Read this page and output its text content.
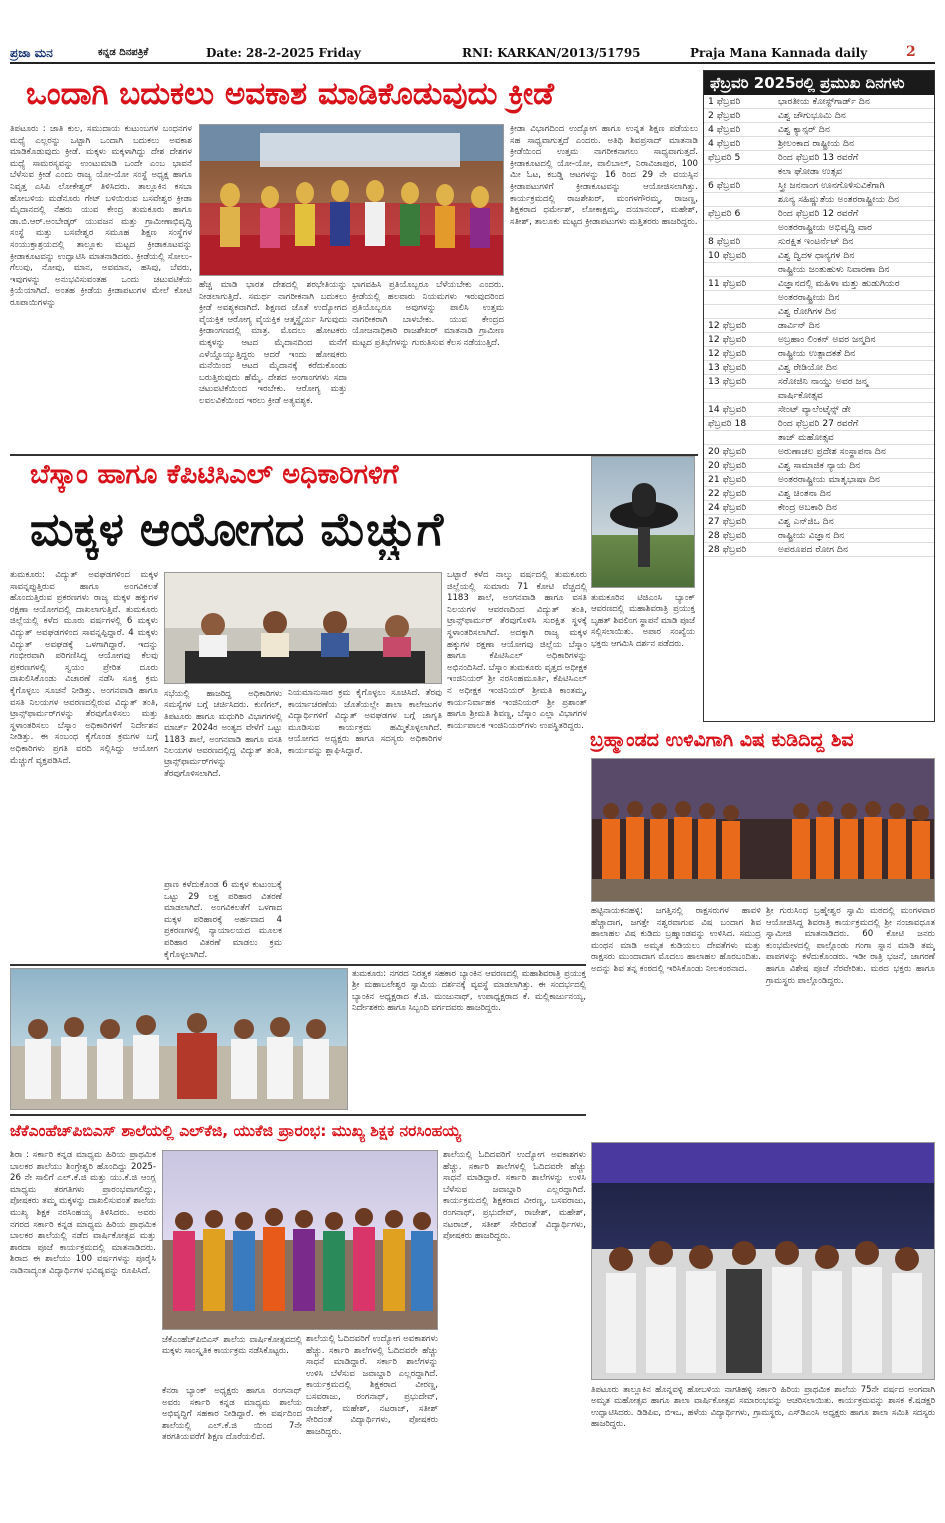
ಪ್ರಜಾ ಮನ	ಕನ್ನಡ ದಿನಪತ್ರಿಕೆ	Date: 28-2-2025 Friday	RNI: KARKAN/2013/51795	Praja Mana Kannada daily	2
ಒಂದಾಗಿ ಬದುಕಲು ಅವಕಾಶ ಮಾಡಿಕೊಡುವುದು ಕ್ರೀಡೆ
ತಿಪಟೂರು : ಜಾತಿ ಕುಲ, ಸಮುದಾಯ ಕುಟುಂಬಗಳ ಬಂಧನಗಳ ಮಧ್ಯೆ ಎಲ್ಲರನ್ನು ಒಟ್ಟಾಗಿ ಒಂದಾಗಿ ಬದುಕಲು ಅವಕಾಶ ಮಾಡಿಕೊಡುವುದು ಕ್ರೀಡೆ. ಮಕ್ಕಳು ಮಕ್ಕಳಾಗಿದ್ದು ದೇಶ ದೇಶಗಳ ಮಧ್ಯೆ ಸಾಮರಸ್ಯವನ್ನು ಉಂಟುಮಾಡಿ ಒಂದೇ ಎಂಬ ಭಾವನೆ ಬೆಳೆಸುವ ಕ್ರೀಡೆ ಎಂದು ರಾಜ್ಯ ಯೋ-ಯೋ ಸಂಸ್ಥೆ ಅಧ್ಯಕ್ಷ ಹಾಗೂ ನಿವೃತ್ತ ಎಸಿಪಿ ಲೋಕೇಶ್ವರ್ ತಿಳಿಸಿದರು. ತಾಲ್ಲೂಕಿನ ಕಸಬಾ ಹೋಬಳಿಯ ಮಡೆನೂರು ಗೇಟ್ ಬಳಿಯಿರುವ ಬಸವೇಶ್ವರ ಕ್ರೀಡಾ ಮೈದಾನದಲ್ಲಿ ನೆಹರು ಯುವ ಕೇಂದ್ರ ತುಮಕೂರು ಹಾಗೂ ಡಾ.ಬಿ.ಆರ್.ಅಂಬೇಡ್ಕರ್ ಯುವಜನ ಮತ್ತು ಗ್ರಾಮೀಣಾಭಿವೃದ್ಧಿ ಸಂಸ್ಥೆ ಮತ್ತು ಬಸವೇಶ್ವರ ಸಮೂಹ ಶಿಕ್ಷಣ ಸಂಸ್ಥೆಗಳ ಸಂಯುಕ್ತಾಶ್ರಯದಲ್ಲಿ ತಾಲ್ಲೂಕು ಮಟ್ಟದ ಕ್ರೀಡಾಕೂಟವನ್ನು ಕ್ರೀಡಾಕೂಟವನ್ನು ಉದ್ಘಾಟಿಸಿ ಮಾತನಾಡಿದರು. ಕ್ರೀಡೆಯಲ್ಲಿ ಸೋಲು-ಗೆಲುವು, ನೋವು, ಮಾನ, ಅವಮಾನ, ಹಸಿವು, ಬೆವರು, ಇವುಗಳನ್ನು ಅನುಭವಿಸುವಂತಹ ಒಂದು ಚಟುವಟಿಕೆಯ ಕ್ರಿಯೆಯಾಗಿದೆ. ಅಂತಹ ಕ್ರೀಡೆಯ ಕ್ರೀಡಾಪಟುಗಳ ಮೇಲೆ ಕೋಟಿ ರೂಪಾಯಿಗಳನ್ನು
ಹೆಚ್ಚ ಮಾಡಿ ಭಾರತ ದೇಶದಲ್ಲಿ ಶರಭೇತಿಯನ್ನು ನೀಡಲಾಗುತ್ತಿದೆ. ಸಮರ್ಥ ನಾಗರೀಕನಾಗಿ ಬದುಕಲು ಕ್ರೀಡೆ ಅವಶ್ಯಕವಾಗಿದೆ. ಶಿಕ್ಷಣದ ಜೊತೆ ಉದ್ಯೋಗದ ವೈಯಕ್ತಿಕ ಆರೋಗ್ಯ ವೈಯಕ್ತಿಕ ಆತ್ಮಸ್ಥೈರ್ಯ ಸಿಗುವುದು ಕ್ರೀಡಾಂಗಣದಲ್ಲಿ ಮಾತ್ರ. ಮೊದಲು ಹೋಟಕರು ಮಕ್ಕಳನ್ನು ಆಟದ ಮೈದಾನದಿಂದ ಮನೆಗೆ ಎಳೆಯ್ದೊಯ್ಯುತ್ತಿದ್ದರು ಆದರೆ ಇಂದು ಹೋಷಕರು ಮನೆಯಿಂದ ಆಟದ ಮೈದಾನಕ್ಕೆ ಕರೆದುಕೊಂಡು ಬರುತ್ತಿರುವುದು ಹೆಮ್ಮೆ. ದೇಶದ ಅಂಗಾಂಗಗಳು ಸದಾ ಚಟುವಟಿಕೆಯಿಂದ ಇರಬೇಕು. ಆರೋಗ್ಯ ಮತ್ತು ಲವಲವಿಕೆಯಿಂದ ಇರಲು ಕ್ರೀಡೆ ಅತ್ಯವಶ್ಯಕ.
ಭಾಗವಹಿಸಿ ಪ್ರತಿಯೊಬ್ಬರೂ ಬೆಳೆಯಬೇಕು ಎಂದರು. ಕ್ರೀಡೆಯಲ್ಲಿ ಹಲವಾರು ನಿಯಮಗಳು ಇರುವುದರಿಂದ ಪ್ರತಿಯೊಬ್ಬರೂ ಅವುಗಳನ್ನು ಪಾಲಿಸಿ ಉತ್ತಮ ನಾಗರೀಕರಾಗಿ ಬಾಳಬೇಕು. ಯುವ ಕೇಂದ್ರದ ಯೋಜನಾಧಿಕಾರಿ ರಾಜಶೇಖರ್ ಮಾತನಾಡಿ ಗ್ರಾಮೀಣ ಮಟ್ಟದ ಪ್ರತಿಭೆಗಳನ್ನು ಗುರುತಿಸುವ ಕೆಲಸ ನಡೆಯುತ್ತಿದೆ.
ಕ್ರೀಡಾ ವಿಭಾಗದಿಂದ ಉದ್ಯೋಗ ಹಾಗೂ ಉನ್ನತ ಶಿಕ್ಷಣ ಪಡೆಯಲು ಸಹ ಸಾಧ್ಯವಾಗುತ್ತದೆ ಎಂದರು. ಅತಿಥಿ ಶಿವಪ್ರಸಾದ್ ಮಾತನಾಡಿ ಕ್ರೀಡೆಯಿಂದ ಉತ್ತಮ ನಾಗರೀಕನಾಗಲು ಸಾಧ್ಯವಾಗುತ್ತದೆ. ಕ್ರೀಡಾಕೂಟದಲ್ಲಿ ಯೋ-ಯೋ, ವಾಲಿಬಾಲ್, ನಿರಾವಿಜಾಪುರ, 100 ಮೀ ಓಟ, ಕಬಡ್ಡಿ ಆಟಗಳನ್ನು 16 ರಿಂದ 29 ನೇ ವಯಸ್ಸಿನ ಕ್ರೀಡಾಪಟುಗಳಿಗೆ ಕ್ರೀಡಾಕೂಟವನ್ನು ಆಯೋಜಿಸಲಾಗಿತ್ತು. ಕಾರ್ಯಕ್ರಮದಲ್ಲಿ ರಾಜಶೇಖರ್, ಮಂಗಳಗೌರಮ್ಮ, ರಾಜಣ್ಣ, ಶಿಕ್ಷಕರಾದ ಧರ್ಮೇಶ್, ಲೋಕಾಕ್ಷಮ್ಮ, ದಯಾನಂದ್, ಮಹೇಶ್, ಸತೀಶ್, ತಾಲೂಕು ಮಟ್ಟದ ಕ್ರೀಡಾಪಟುಗಳು ಮತ್ತಿತರರು ಹಾಜರಿದ್ದರು.
ಫೆಬ್ರವರಿ 2025ರಲ್ಲಿ ಪ್ರಮುಖ ದಿನಗಳು
1 ಫೆಬ್ರವರಿ	ಭಾರತೀಯ ಕೋಸ್ಟ್‌ಗಾರ್ಡ್ ದಿನ
2 ಫೆಬ್ರವರಿ	ವಿಶ್ವ ಜೌಗುಭೂಮಿ ದಿನ
4 ಫೆಬ್ರವರಿ	ವಿಶ್ವ ಕ್ಯಾನ್ಸರ್ ದಿನ
4 ಫೆಬ್ರವರಿ	ಶ್ರೀಲಂಕಾದ ರಾಷ್ಟ್ರೀಯ ದಿನ
ಫೆಬ್ರವರಿ 5	ರಿಂದ ಫೆಬ್ರವರಿ 13 ರವರೆಗೆ
ಕಲಾ ಘೋಡಾ ಉತ್ಸವ
6 ಫೆಬ್ರವರಿ	ಸ್ತ್ರೀ ಜನನಾಂಗ ಊನಗೊಳಿಸುವಿಕೆಗಾಗಿ
ಶೂನ್ಯ ಸಹಿಷ್ಣುತೆಯ ಅಂತರರಾಷ್ಟ್ರೀಯ ದಿನ
ಫೆಬ್ರವರಿ 6	ರಿಂದ ಫೆಬ್ರವರಿ 12 ರವರೆಗೆ
ಅಂತರರಾಷ್ಟ್ರೀಯ ಅಭಿವೃದ್ಧಿ ವಾರ
8 ಫೆಬ್ರವರಿ	ಸುರಕ್ಷಿತ ಇಂಟರ್ನೆಟ್ ದಿನ
10 ಫೆಬ್ರವರಿ	ವಿಶ್ವ ದ್ವಿದಳ ಧಾನ್ಯಗಳ ದಿನ
ರಾಷ್ಟ್ರೀಯ ಜಂತುಹುಳು ನಿವಾರಣಾ ದಿನ
11 ಫೆಬ್ರವರಿ	ವಿಜ್ಞಾನದಲ್ಲಿ ಮಹಿಳಾ ಮತ್ತು ಹುಡುಗಿಯರ
ಅಂತರರಾಷ್ಟ್ರೀಯ ದಿನ
ವಿಶ್ವ ರೋಗಿಗಳ ದಿನ
12 ಫೆಬ್ರವರಿ	ಡಾರ್ವಿನ್ ದಿನ
12 ಫೆಬ್ರವರಿ	ಅಬ್ರಹಾಂ ಲಿಂಕನ್ ಅವರ ಜನ್ಮದಿನ
12 ಫೆಬ್ರವರಿ	ರಾಷ್ಟ್ರೀಯ ಉತ್ಪಾದಕತೆ ದಿನ
13 ಫೆಬ್ರವರಿ	ವಿಶ್ವ ರೇಡಿಯೋ ದಿನ
13 ಫೆಬ್ರವರಿ	ಸರೋಜಿನಿ ನಾಯ್ಡು ಅವರ ಜನ್ಮ
ವಾರ್ಷಿಕೋತ್ಸವ
14 ಫೆಬ್ರವರಿ	ಸೇಂಟ್ ವ್ಯಾಲೆಂಟೈನ್ಸ್ ಡೇ
ಫೆಬ್ರವರಿ 18	ರಿಂದ ಫೆಬ್ರವರಿ 27 ರವರೆಗೆ
ತಾಜ್ ಮಹೋತ್ಸವ
20 ಫೆಬ್ರವರಿ	ಅರುಣಾಚಲ ಪ್ರದೇಶ ಸಂಸ್ಥಾಪನಾ ದಿನ
20 ಫೆಬ್ರವರಿ	ವಿಶ್ವ ಸಾಮಾಜಿಕ ನ್ಯಾಯ ದಿನ
21 ಫೆಬ್ರವರಿ	ಅಂತರರಾಷ್ಟ್ರೀಯ ಮಾತೃಭಾಷಾ ದಿನ
22 ಫೆಬ್ರವರಿ	ವಿಶ್ವ ಚಿಂತನಾ ದಿನ
24 ಫೆಬ್ರವರಿ	ಕೇಂದ್ರ ಅಬಕಾರಿ ದಿನ
27 ಫೆಬ್ರವರಿ	ವಿಶ್ವ ಎನ್‌ಜಿಒ ದಿನ
28 ಫೆಬ್ರವರಿ	ರಾಷ್ಟ್ರೀಯ ವಿಜ್ಞಾನ ದಿನ
28 ಫೆಬ್ರವರಿ	ಅಪರೂಪದ ರೋಗ ದಿನ
ಬೆಸ್ಕಾಂ ಹಾಗೂ ಕೆಪಿಟಿಸಿಎಲ್ ಅಧಿಕಾರಿಗಳಿಗೆ
ಮಕ್ಕಳ ಆಯೋಗದ ಮೆಚ್ಚುಗೆ
ತುಮಕೂರು: ವಿದ್ಯುತ್ ಅವಘಡಗಳಿಂದ ಮಕ್ಕಳ ಸಾವನ್ನಪ್ಪುತ್ತಿರುವ ಹಾಗೂ ಅಂಗವಿಕಲತೆ ಹೊಂದುತ್ತಿರುವ ಪ್ರಕರಣಗಳು ರಾಜ್ಯ ಮಕ್ಕಳ ಹಕ್ಕುಗಳ ರಕ್ಷಣಾ ಆಯೋಗದಲ್ಲಿ ದಾಖಲಾಗುತ್ತಿವೆ. ತುಮಕೂರು ಜಿಲ್ಲೆಯಲ್ಲಿ ಕಳೆದ ಮೂರು ವರ್ಷಗಳಲ್ಲಿ 6 ಮಕ್ಕಳು ವಿದ್ಯುತ್ ಅವಘಡಗಳಿಂದ ಸಾವನ್ನಪ್ಪಿದ್ದಾರೆ. 4 ಮಕ್ಕಳು ವಿದ್ಯುತ್ ಅವಘಡಕ್ಕೆ ಒಳಗಾಗಿದ್ದಾರೆ. ಇದನ್ನು ಗಂಭೀರವಾಗಿ ಪರಿಗಣಿಸಿದ್ದ ಆಯೋಗವು ಕೆಲವು ಪ್ರಕರಣಗಳಲ್ಲಿ ಸ್ವಯಂ ಪ್ರೇರಿತ ದೂರು ದಾಖಲಿಸಿಕೊಂಡು ವಿಚಾರಣೆ ನಡೆಸಿ ಸೂಕ್ತ ಕ್ರಮ ಕೈಗೊಳ್ಳಲು ಸೂಚನೆ ನೀಡಿತ್ತು. ಅಂಗನವಾಡಿ ಹಾಗೂ ವಸತಿ ನಿಲಯಗಳ ಆವರಣದಲ್ಲಿರುವ ವಿದ್ಯುತ್ ತಂತಿ, ಟ್ರಾನ್ಸ್‌ಫಾರ್ಮರ್‌ಗಳನ್ನು ತೆರವುಗೊಳಿಸಲು ಮತ್ತು ಸ್ಥಳಾಂತರಿಸಲು ಬೆಸ್ಕಾಂ ಅಧಿಕಾರಿಗಳಿಗೆ ನಿರ್ದೇಶನ ನೀಡಿತ್ತು. ಈ ಸಂಬಂಧ ಕೈಗೊಂಡ ಕ್ರಮಗಳ ಬಗ್ಗೆ ಅಧಿಕಾರಿಗಳು ಪ್ರಗತಿ ವರದಿ ಸಲ್ಲಿಸಿದ್ದು ಆಯೋಗ ಮೆಚ್ಚುಗೆ ವ್ಯಕ್ತಪಡಿಸಿದೆ.
ಸಭೆಯಲ್ಲಿ ಹಾಜರಿದ್ದ ಅಧಿಕಾರಿಗಳು ಸಮಸ್ಯೆಗಳ ಬಗ್ಗೆ ಚರ್ಚಿಸಿದರು. ಕುಣಿಗಲ್, ತಿಪಟೂರು ಹಾಗೂ ಮಧುಗಿರಿ ವಿಭಾಗಗಳಲ್ಲಿ ಮಾರ್ಚ್ 2024ರ ಅಂತ್ಯದ ವೇಳೆಗೆ ಒಟ್ಟು 1183 ಶಾಲೆ, ಅಂಗನವಾಡಿ ಹಾಗೂ ವಸತಿ ನಿಲಯಗಳ ಆವರಣದಲ್ಲಿದ್ದ ವಿದ್ಯುತ್ ತಂತಿ, ಟ್ರಾನ್ಸ್‌ಫಾರ್ಮರ್‌ಗಳನ್ನು ತೆರವುಗೊಳಿಸಲಾಗಿದೆ.
ಪ್ರಾಣ ಕಳೆದುಕೊಂಡ 6 ಮಕ್ಕಳ ಕುಟುಂಬಕ್ಕೆ ಒಟ್ಟು 29 ಲಕ್ಷ ಪರಿಹಾರ ವಿತರಣೆ ಮಾಡಲಾಗಿದೆ. ಅಂಗವಿಕಲತೆಗೆ ಒಳಗಾದ ಮಕ್ಕಳ ಪರಿಹಾರಕ್ಕೆ ಅರ್ಹವಾದ 4 ಪ್ರಕರಣಗಳಲ್ಲಿ ನ್ಯಾಯಾಲಯದ ಮೂಲಕ ಪರಿಹಾರ ವಿತರಣೆ ಮಾಡಲು ಕ್ರಮ ಕೈಗೊಳ್ಳಲಾಗಿದೆ.
ನಿಯಮಾನುಸಾರ ಕ್ರಮ ಕೈಗೊಳ್ಳಲು ಸೂಚಿಸಿದೆ. ತೆರವು ಕಾರ್ಯಾಚರಣೆಯ ಜೊತೆಯಲ್ಲೇ ಶಾಲಾ ಕಾಲೇಜುಗಳ ವಿದ್ಯಾರ್ಥಿಗಳಿಗೆ ವಿದ್ಯುತ್ ಅವಘಡಗಳ ಬಗ್ಗೆ ಜಾಗೃತಿ ಮೂಡಿಸುವ ಕಾರ್ಯಕ್ರಮ ಹಮ್ಮಿಕೊಳ್ಳಲಾಗಿದೆ. ಆಯೋಗದ ಅಧ್ಯಕ್ಷರು ಹಾಗೂ ಸದಸ್ಯರು ಅಧಿಕಾರಿಗಳ ಕಾರ್ಯವನ್ನು ಶ್ಲಾಘಿಸಿದ್ದಾರೆ.
ಒಟ್ಟಾರೆ ಕಳೆದ ನಾಲ್ಕು ವರ್ಷದಲ್ಲಿ ತುಮಕೂರು ಜಿಲ್ಲೆಯಲ್ಲಿ ಸುಮಾರು 71 ಕೋಟಿ ವೆಚ್ಚದಲ್ಲಿ 1183 ಶಾಲೆ, ಅಂಗನವಾಡಿ ಹಾಗೂ ವಸತಿ ನಿಲಯಗಳ ಆವರಣದಿಂದ ವಿದ್ಯುತ್ ತಂತಿ, ಟ್ರಾನ್ಸ್‌ಫಾರ್ಮರ್ ತೆರವುಗೊಳಿಸಿ ಸುರಕ್ಷಿತ ಸ್ಥಳಕ್ಕೆ ಸ್ಥಳಾಂತರಿಸಲಾಗಿದೆ. ಅದಕ್ಕಾಗಿ ರಾಜ್ಯ ಮಕ್ಕಳ ಹಕ್ಕುಗಳ ರಕ್ಷಣಾ ಆಯೋಗವು ಜಿಲ್ಲೆಯ ಬೆಸ್ಕಾಂ ಹಾಗೂ ಕೆಪಿಟಿಸಿಎಲ್ ಅಧಿಕಾರಿಗಳನ್ನು ಅಭಿನಂದಿಸಿದೆ. ಬೆಸ್ಕಾಂ ತುಮಕೂರು ವೃತ್ತದ ಅಧೀಕ್ಷಕ ಇಂಜಿನಿಯರ್ ಶ್ರೀ ನರಸಿಂಹಮೂರ್ತಿ, ಕೆಪಿಟಿಸಿಎಲ್ ನ ಅಧೀಕ್ಷಕ ಇಂಜಿನಿಯರ್ ಶ್ರೀಮತಿ ಕಾಂತಮ್ಮ, ಕಾರ್ಯನಿರ್ವಾಹಕ ಇಂಜಿನಿಯರ್ ಶ್ರೀ ಪ್ರಶಾಂತ್ ಹಾಗೂ ಶ್ರೀಮತಿ ಶಿವಣ್ಣ, ಬೆಸ್ಕಾಂ ಎಲ್ಲಾ ವಿಭಾಗಗಳ ಕಾರ್ಯಪಾಲಕ ಇಂಜಿನಿಯರ್‌ಗಳು ಉಪಸ್ಥಿತರಿದ್ದರು.
ತುಮಕೂರಿನ ಟಿಜಿಎಂಸಿ ಬ್ಯಾಂಕ್ ಆವರಣದಲ್ಲಿ ಮಹಾಶಿವರಾತ್ರಿ ಪ್ರಯುಕ್ತ ಬೃಹತ್ ಶಿವಲಿಂಗ ಸ್ಥಾಪನೆ ಮಾಡಿ ಪೂಜೆ ಸಲ್ಲಿಸಲಾಯಿತು. ಅಪಾರ ಸಂಖ್ಯೆಯ ಭಕ್ತರು ಆಗಮಿಸಿ ದರ್ಶನ ಪಡೆದರು.
ಬ್ರಹ್ಮಾಂಡದ ಉಳಿವಿಗಾಗಿ ವಿಷ ಕುಡಿದಿದ್ದ ಶಿವ
ಹಟ್ಟಿನಾಯಕನಹಳ್ಳಿ: ಜಗತ್ತಿನಲ್ಲಿ ರಾಕ್ಷಸರುಗಳ ಹಾವಳಿ ಹೆಚ್ಚಾದಾಗ, ಜಗತ್ತೇ ನಶ್ವರವಾಗುವ ವಿಷ ಬಂದಾಗ ಶಿವ ಹಾಲಾಹಲ ವಿಷ ಕುಡಿದು ಬ್ರಹ್ಮಾಂಡವನ್ನು ಉಳಿಸಿದ. ಸಮುದ್ರ ಮಂಥನ ಮಾಡಿ ಅಮೃತ ಕುಡಿಯಲು ದೇವತೆಗಳು ಮತ್ತು ರಾಕ್ಷಸರು ಮುಂದಾದಾಗ ಮೊದಲು ಹಾಲಾಹಲ ಹೊರಬಂದಿತು. ಅದನ್ನು ಶಿವ ತನ್ನ ಕಂಠದಲ್ಲಿ ಇರಿಸಿಕೊಂಡು ನೀಲಕಂಠನಾದ.
ಶ್ರೀ ಗುರುಸಿಂಧ ಬ್ರಹ್ಮೇಶ್ವರ ಸ್ವಾಮಿ ಮಠದಲ್ಲಿ ಮಂಗಳವಾರ ಆಯೋಜಿಸಿದ್ದ ಶಿವರಾತ್ರಿ ಕಾರ್ಯಕ್ರಮದಲ್ಲಿ ಶ್ರೀ ನಂಜಾವಧೂತ ಸ್ವಾಮೀಜಿ ಮಾತನಾಡಿದರು. 60 ಕೋಟಿ ಜನರು ಕುಂಭಮೇಳದಲ್ಲಿ ಪಾಲ್ಗೊಂಡು ಗಂಗಾ ಸ್ನಾನ ಮಾಡಿ ತಮ್ಮ ಪಾಪಗಳನ್ನು ಕಳೆದುಕೊಂಡರು. ಇಡೀ ರಾತ್ರಿ ಭಜನೆ, ಜಾಗರಣೆ ಹಾಗೂ ವಿಶೇಷ ಪೂಜೆ ನೆರವೇರಿತು. ಮಠದ ಭಕ್ತರು ಹಾಗೂ ಗ್ರಾಮಸ್ಥರು ಪಾಲ್ಗೊಂಡಿದ್ದರು.
ತುಮಕೂರು: ನಗರದ ನಿರತ್ವಕ ಸಹಕಾರ ಬ್ಯಾಂಕಿನ ಆವರಣದಲ್ಲಿ ಮಹಾಶಿವರಾತ್ರಿ ಪ್ರಯುಕ್ತ ಶ್ರೀ ಮಹಾಬಲೇಶ್ವರ ಸ್ವಾಮಿಯ ದರ್ಶನಕ್ಕೆ ವ್ಯವಸ್ಥೆ ಮಾಡಲಾಗಿತ್ತು. ಈ ಸಂದರ್ಭದಲ್ಲಿ ಬ್ಯಾಂಕಿನ ಅಧ್ಯಕ್ಷರಾದ ಕೆ.ಜಿ. ಮಂಜುನಾಥ್, ಉಪಾಧ್ಯಕ್ಷರಾದ ಕೆ. ಮಲ್ಲಿಕಾರ್ಜುನಯ್ಯ, ನಿರ್ದೇಶಕರು ಹಾಗೂ ಸಿಬ್ಬಂದಿ ವರ್ಗದವರು ಹಾಜರಿದ್ದರು.
ಜೆಕೆಎಂಹೆಚ್‌ಪಿಬಿಎಸ್ ಶಾಲೆಯಲ್ಲಿ ಎಲ್‌ಕೆಜಿ, ಯುಕೆಜಿ ಪ್ರಾರಂಭ: ಮುಖ್ಯ ಶಿಕ್ಷಕ ನರಸಿಂಹಯ್ಯ
ಶಿರಾ : ಸರ್ಕಾರಿ ಕನ್ನಡ ಮಾಧ್ಯಮ ಹಿರಿಯ ಪ್ರಾಥಮಿಕ ಬಾಲಕರ ಶಾಲೆಯು ಶಿಂಗ್ರೇಶ್ವರಿ ಹೊಂದಿದ್ದು 2025-26 ನೇ ಸಾಲಿಗೆ ಎಲ್.ಕೆ.ಜಿ ಮತ್ತು ಯು.ಕೆ.ಜಿ ಆಂಗ್ಲ ಮಾಧ್ಯಮ ತರಗತಿಗಳು ಪ್ರಾರಂಭವಾಗಲಿದ್ದು, ಪೋಷಕರು ತಮ್ಮ ಮಕ್ಕಳನ್ನು ದಾಖಲಿಸುವಂತೆ ಶಾಲೆಯ ಮುಖ್ಯ ಶಿಕ್ಷಕ ನರಸಿಂಹಯ್ಯ ತಿಳಿಸಿದರು. ಅವರು ನಗರದ ಸರ್ಕಾರಿ ಕನ್ನಡ ಮಾಧ್ಯಮ ಹಿರಿಯ ಪ್ರಾಥಮಿಕ ಬಾಲಕರ ಶಾಲೆಯಲ್ಲಿ ನಡೆದ ವಾರ್ಷಿಕೋತ್ಸವ ಮತ್ತು ಶಾರದಾ ಪೂಜೆ ಕಾರ್ಯಕ್ರಮದಲ್ಲಿ ಮಾತನಾಡಿದರು. ಶಿರಾದ ಈ ಶಾಲೆಯು 100 ವರ್ಷಗಳನ್ನು ಪೂರೈಸಿ ನಾಡಿನಾದ್ಯಂತ ವಿದ್ಯಾರ್ಥಿಗಳ ಭವಿಷ್ಯವನ್ನು ರೂಪಿಸಿದೆ.
ಜೆಕೆಎಂಹೆಚ್‌ಪಿಬಿಎಸ್ ಶಾಲೆಯ ವಾರ್ಷಿಕೋತ್ಸವದಲ್ಲಿ ಮಕ್ಕಳು ಸಾಂಸ್ಕೃತಿಕ ಕಾರ್ಯಕ್ರಮ ನಡೆಸಿಕೊಟ್ಟರು.
ಕೆನರಾ ಬ್ಯಾಂಕ್ ಅಧ್ಯಕ್ಷರು ಹಾಗೂ ರಂಗನಾಥ್ ಅವರು ಸರ್ಕಾರಿ ಕನ್ನಡ ಮಾಧ್ಯಮ ಶಾಲೆಯ ಅಭಿವೃದ್ಧಿಗೆ ಸಹಕಾರ ನೀಡಿದ್ದಾರೆ. ಈ ವರ್ಷದಿಂದ ಶಾಲೆಯಲ್ಲಿ ಎಲ್.ಕೆ.ಜಿ ಯಿಂದ 7ನೇ ತರಗತಿಯವರೆಗೆ ಶಿಕ್ಷಣ ದೊರೆಯಲಿದೆ.
ಶಾಲೆಯಲ್ಲಿ ಓದಿದವರಿಗೆ ಉದ್ಯೋಗ ಅವಕಾಶಗಳು ಹೆಚ್ಚು. ಸರ್ಕಾರಿ ಶಾಲೆಗಳಲ್ಲಿ ಓದಿದವರೇ ಹೆಚ್ಚು ಸಾಧನೆ ಮಾಡಿದ್ದಾರೆ. ಸರ್ಕಾರಿ ಶಾಲೆಗಳನ್ನು ಉಳಿಸಿ ಬೆಳೆಸುವ ಜವಾಬ್ದಾರಿ ಎಲ್ಲರದ್ದಾಗಿದೆ. ಕಾರ್ಯಕ್ರಮದಲ್ಲಿ ಶಿಕ್ಷಕರಾದ ವೀರಣ್ಣ, ಬಸವರಾಜು, ರಂಗನಾಥ್, ಪ್ರಭುದೇವ್, ರಾಜೇಶ್, ಮಹೇಶ್, ನಟರಾಜ್, ಸತೀಶ್ ಸೇರಿದಂತೆ ವಿದ್ಯಾರ್ಥಿಗಳು, ಪೋಷಕರು ಹಾಜರಿದ್ದರು.
ಶಾಲೆಯಲ್ಲಿ ಓದಿದವರಿಗೆ ಉದ್ಯೋಗ ಅವಕಾಶಗಳು ಹೆಚ್ಚು. ಸರ್ಕಾರಿ ಶಾಲೆಗಳಲ್ಲಿ ಓದಿದವರೇ ಹೆಚ್ಚು ಸಾಧನೆ ಮಾಡಿದ್ದಾರೆ. ಸರ್ಕಾರಿ ಶಾಲೆಗಳನ್ನು ಉಳಿಸಿ ಬೆಳೆಸುವ ಜವಾಬ್ದಾರಿ ಎಲ್ಲರದ್ದಾಗಿದೆ. ಕಾರ್ಯಕ್ರಮದಲ್ಲಿ ಶಿಕ್ಷಕರಾದ ವೀರಣ್ಣ, ಬಸವರಾಜು, ರಂಗನಾಥ್, ಪ್ರಭುದೇವ್, ರಾಜೇಶ್, ಮಹೇಶ್, ನಟರಾಜ್, ಸತೀಶ್ ಸೇರಿದಂತೆ ವಿದ್ಯಾರ್ಥಿಗಳು, ಪೋಷಕರು ಹಾಜರಿದ್ದರು.
ತಿಪಟೂರು ತಾಲ್ಲೂಕಿನ ಹೊನ್ನವಳ್ಳಿ ಹೋಬಳಿಯ ನಾಗತಿಹಳ್ಳಿ ಸರ್ಕಾರಿ ಹಿರಿಯ ಪ್ರಾಥಮಿಕ ಶಾಲೆಯ 75ನೇ ವರ್ಷದ ಅಂಗವಾಗಿ ಅಮೃತ ಮಹೋತ್ಸವ ಹಾಗೂ ಶಾಲಾ ವಾರ್ಷಿಕೋತ್ಸವ ಸಮಾರಂಭವನ್ನು ಆಚರಿಸಲಾಯಿತು. ಕಾರ್ಯಕ್ರಮವನ್ನು ಶಾಸಕ ಕೆ.ಷಡಕ್ಷರಿ ಉದ್ಘಾಟಿಸಿದರು. ಡಿಡಿಪಿಐ, ಬಿಇಒ, ಹಳೆಯ ವಿದ್ಯಾರ್ಥಿಗಳು, ಗ್ರಾಮಸ್ಥರು, ಎಸ್‌ಡಿಎಂಸಿ ಅಧ್ಯಕ್ಷರು ಹಾಗೂ ಶಾಲಾ ಸಮಿತಿ ಸದಸ್ಯರು ಹಾಜರಿದ್ದರು.
